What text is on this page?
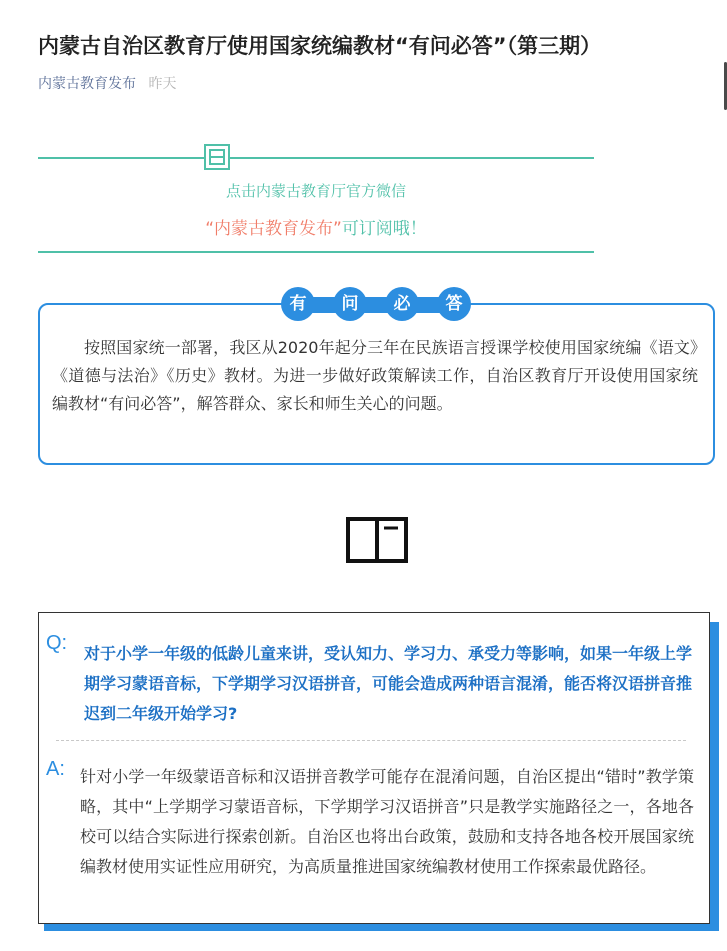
内蒙古自治区教育厅使用国家统编教材“有问必答”（第三期）
内蒙古教育发布 昨天
点击内蒙古教育厅官方微信
“内蒙古教育发布”可订阅哦！
有	问	必	答

按照国家统一部署，我区从2020年起分三年在民族语言授课学校使用国家统编《语文》《道德与法治》《历史》教材。为进一步做好政策解读工作，自治区教育厅开设使用国家统编教材“有问必答”，解答群众、家长和师生关心的问题。

Q: 对于小学一年级的低龄儿童来讲，受认知力、学习力、承受力等影响，如果一年级上学期学习蒙语音标，下学期学习汉语拼音，可能会造成两种语言混淆，能否将汉语拼音推迟到二年级开始学习?

A: 针对小学一年级蒙语音标和汉语拼音教学可能存在混淆问题，自治区提出“错时”教学策略，其中“上学期学习蒙语音标，下学期学习汉语拼音”只是教学实施路径之一，各地各校可以结合实际进行探索创新。自治区也将出台政策，鼓励和支持各地各校开展国家统编教材使用实证性应用研究，为高质量推进国家统编教材使用工作探索最优路径。
